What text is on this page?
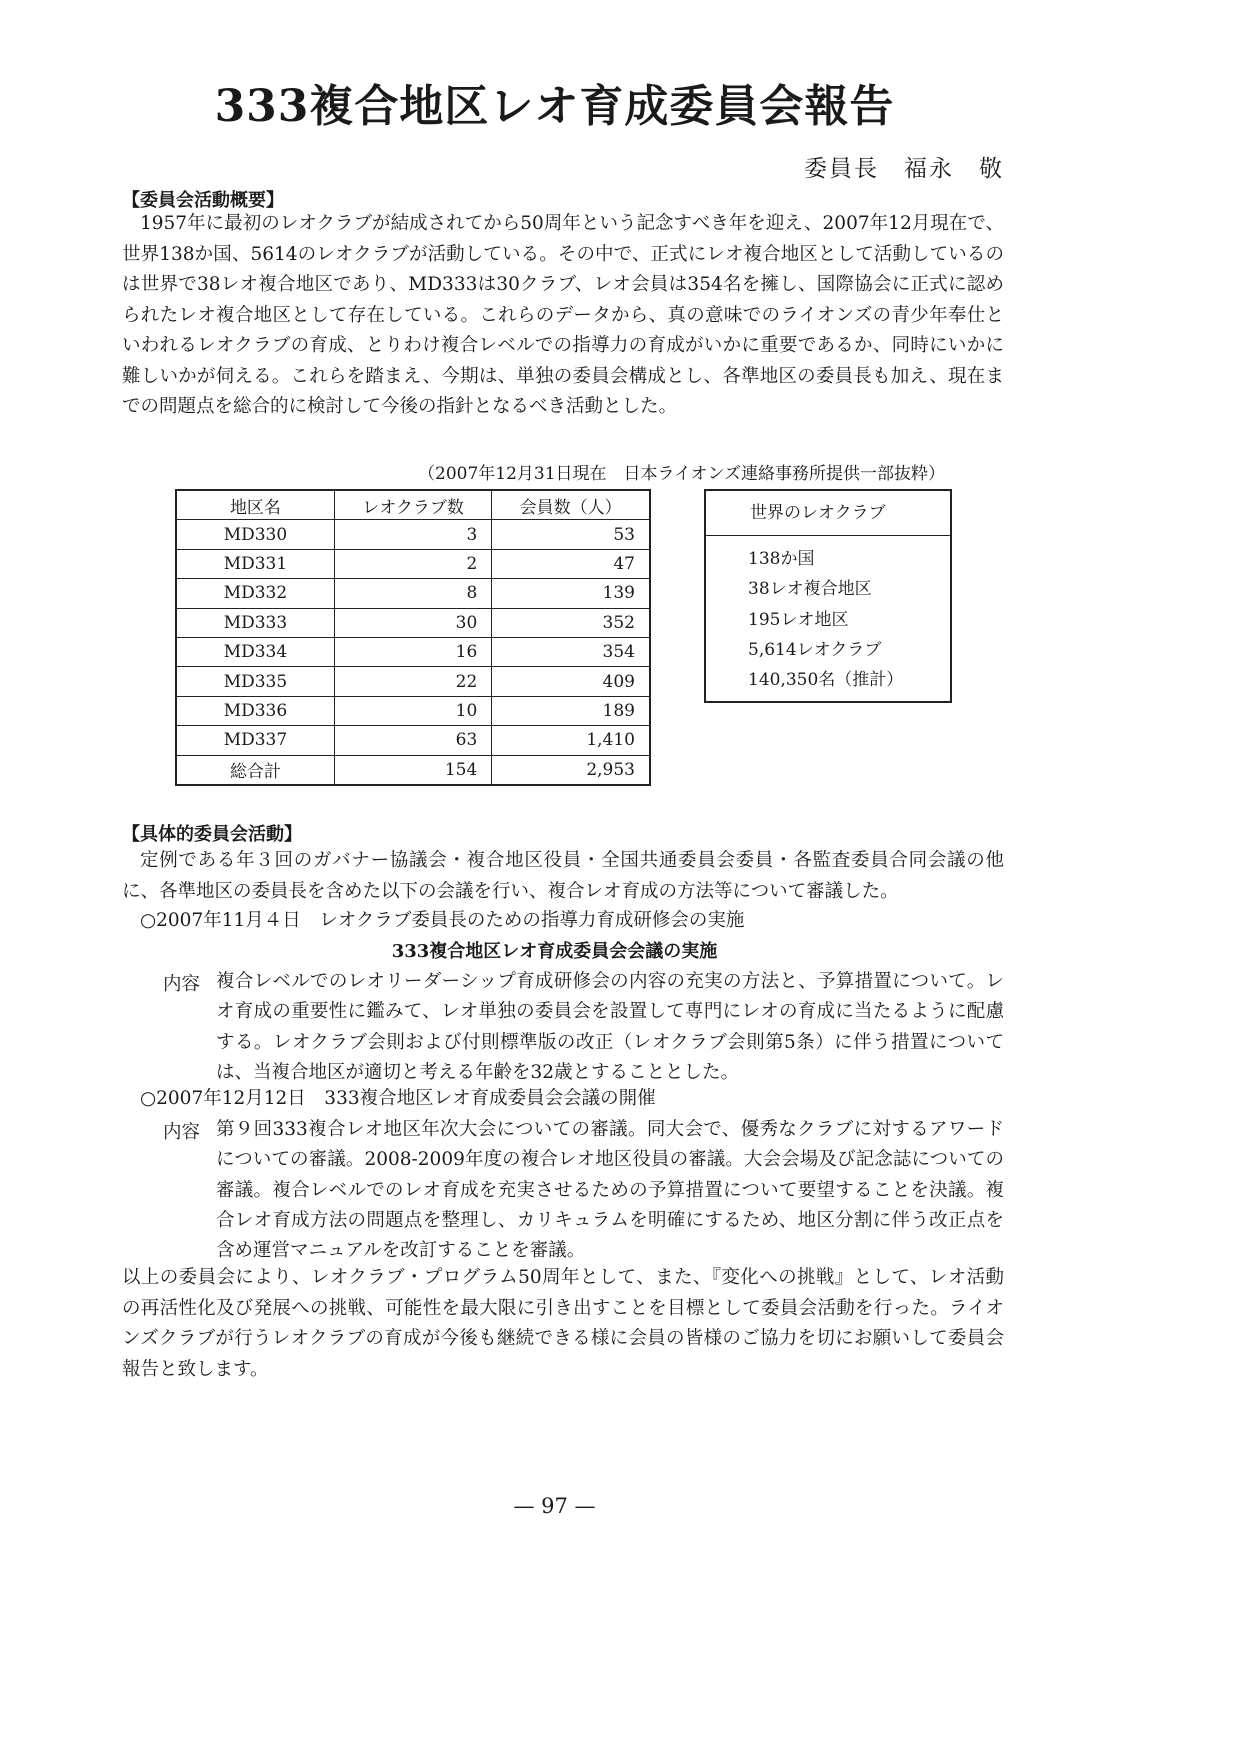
333複合地区レオ育成委員会報告
委員長　福永　敬
【委員会活動概要】

1957年に最初のレオクラブが結成されてから50周年という記念すべき年を迎え、2007年12月現在で、世界138か国、5614のレオクラブが活動している。その中で、正式にレオ複合地区として活動しているのは世界で38レオ複合地区であり、MD333は30クラブ、レオ会員は354名を擁し、国際協会に正式に認められたレオ複合地区として存在している。これらのデータから、真の意味でのライオンズの青少年奉仕といわれるレオクラブの育成、とりわけ複合レベルでの指導力の育成がいかに重要であるか、同時にいかに難しいかが伺える。これらを踏まえ、今期は、単独の委員会構成とし、各準地区の委員長も加え、現在までの問題点を総合的に検討して今後の指針となるべき活動とした。

（2007年12月31日現在　日本ライオンズ連絡事務所提供一部抜粋）
地区名	レオクラブ数	会員数（人）
MD330	3	53
MD331	2	47
MD332	8	139
MD333	30	352
MD334	16	354
MD335	22	409
MD336	10	189
MD337	63	1,410
総合計	154	2,953
世界のレオクラブ
138か国
38レオ複合地区
195レオ地区
5,614レオクラブ
140,350名（推計）
【具体的委員会活動】

定例である年３回のガバナー協議会・複合地区役員・全国共通委員会委員・各監査委員合同会議の他に、各準地区の委員長を含めた以下の会議を行い、複合レオ育成の方法等について審議した。

○2007年11月４日　レオクラブ委員長のための指導力育成研修会の実施
333複合地区レオ育成委員会会議の実施
内容 複合レベルでのレオリーダーシップ育成研修会の内容の充実の方法と、予算措置について。レオ育成の重要性に鑑みて、レオ単独の委員会を設置して専門にレオの育成に当たるように配慮する。レオクラブ会則および付則標準版の改正（レオクラブ会則第5条）に伴う措置については、当複合地区が適切と考える年齢を32歳とすることとした。

○2007年12月12日　333複合地区レオ育成委員会会議の開催
内容 第９回333複合レオ地区年次大会についての審議。同大会で、優秀なクラブに対するアワードについての審議。2008-2009年度の複合レオ地区役員の審議。大会会場及び記念誌についての審議。複合レベルでのレオ育成を充実させるための予算措置について要望することを決議。複合レオ育成方法の問題点を整理し、カリキュラムを明確にするため、地区分割に伴う改正点を含め運営マニュアルを改訂することを審議。

以上の委員会により、レオクラブ・プログラム50周年として、また、『変化への挑戦』として、レオ活動の再活性化及び発展への挑戦、可能性を最大限に引き出すことを目標として委員会活動を行った。ライオンズクラブが行うレオクラブの育成が今後も継続できる様に会員の皆様のご協力を切にお願いして委員会報告と致します。

— 97 —
